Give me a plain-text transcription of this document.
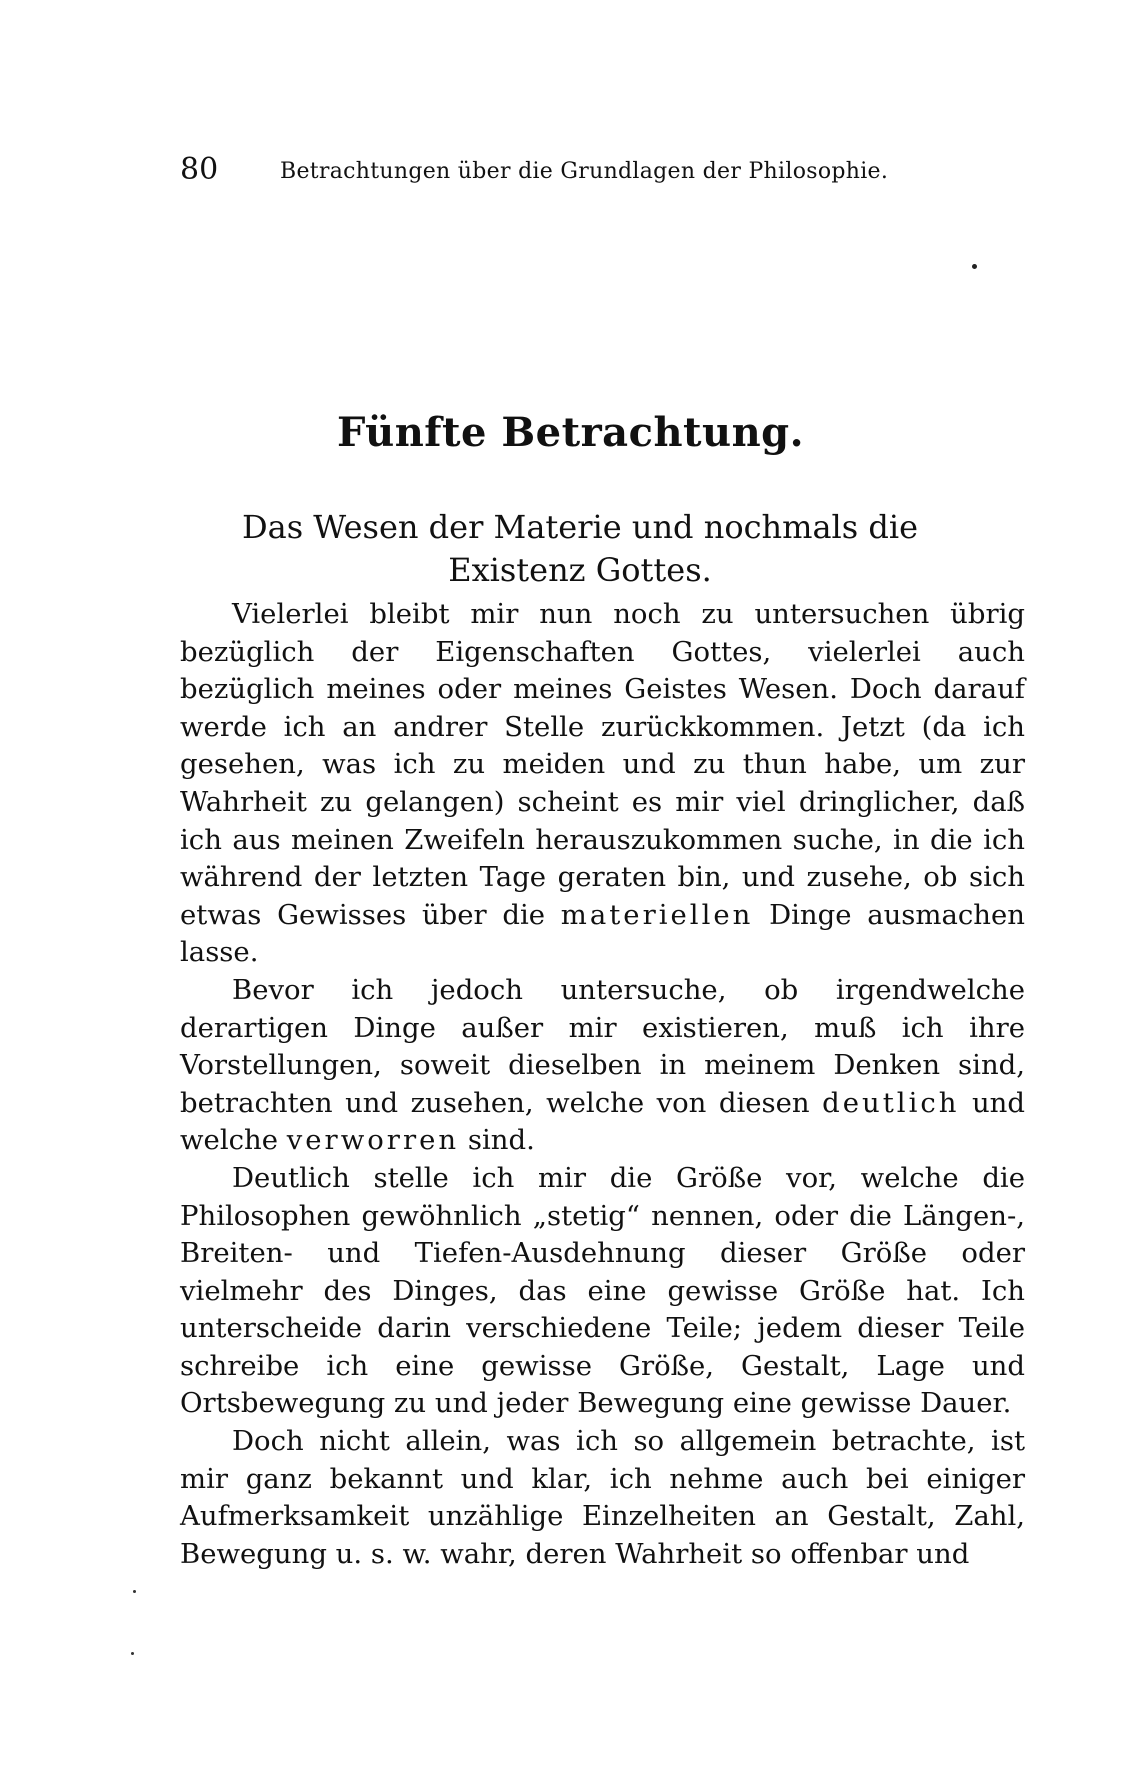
80	Betrachtungen über die Grundlagen der Philosophie.
Fünfte Betrachtung.
Das Wesen der Materie und nochmals die Existenz Gottes.

Vielerlei bleibt mir nun noch zu untersuchen übrig bezüglich der Eigenschaften Gottes, vielerlei auch bezüglich meines oder meines Geistes Wesen. Doch darauf werde ich an andrer Stelle zurückkommen. Jetzt (da ich gesehen, was ich zu meiden und zu thun habe, um zur Wahrheit zu gelangen) scheint es mir viel dringlicher, daß ich aus meinen Zweifeln herauszukommen suche, in die ich während der letzten Tage geraten bin, und zusehe, ob sich etwas Gewisses über die materiellen Dinge ausmachen lasse.

Bevor ich jedoch untersuche, ob irgendwelche derartigen Dinge außer mir existieren, muß ich ihre Vorstellungen, soweit dieselben in meinem Denken sind, betrachten und zusehen, welche von diesen deutlich und welche verworren sind.

Deutlich stelle ich mir die Größe vor, welche die Philosophen gewöhnlich „stetig“ nennen, oder die Längen-, Breiten- und Tiefen-Ausdehnung dieser Größe oder vielmehr des Dinges, das eine gewisse Größe hat. Ich unterscheide darin verschiedene Teile; jedem dieser Teile schreibe ich eine gewisse Größe, Gestalt, Lage und Ortsbewegung zu und jeder Bewegung eine gewisse Dauer.

Doch nicht allein, was ich so allgemein betrachte, ist mir ganz bekannt und klar, ich nehme auch bei einiger Aufmerksamkeit unzählige Einzelheiten an Gestalt, Zahl, Bewegung u. s. w. wahr, deren Wahrheit so offenbar und
